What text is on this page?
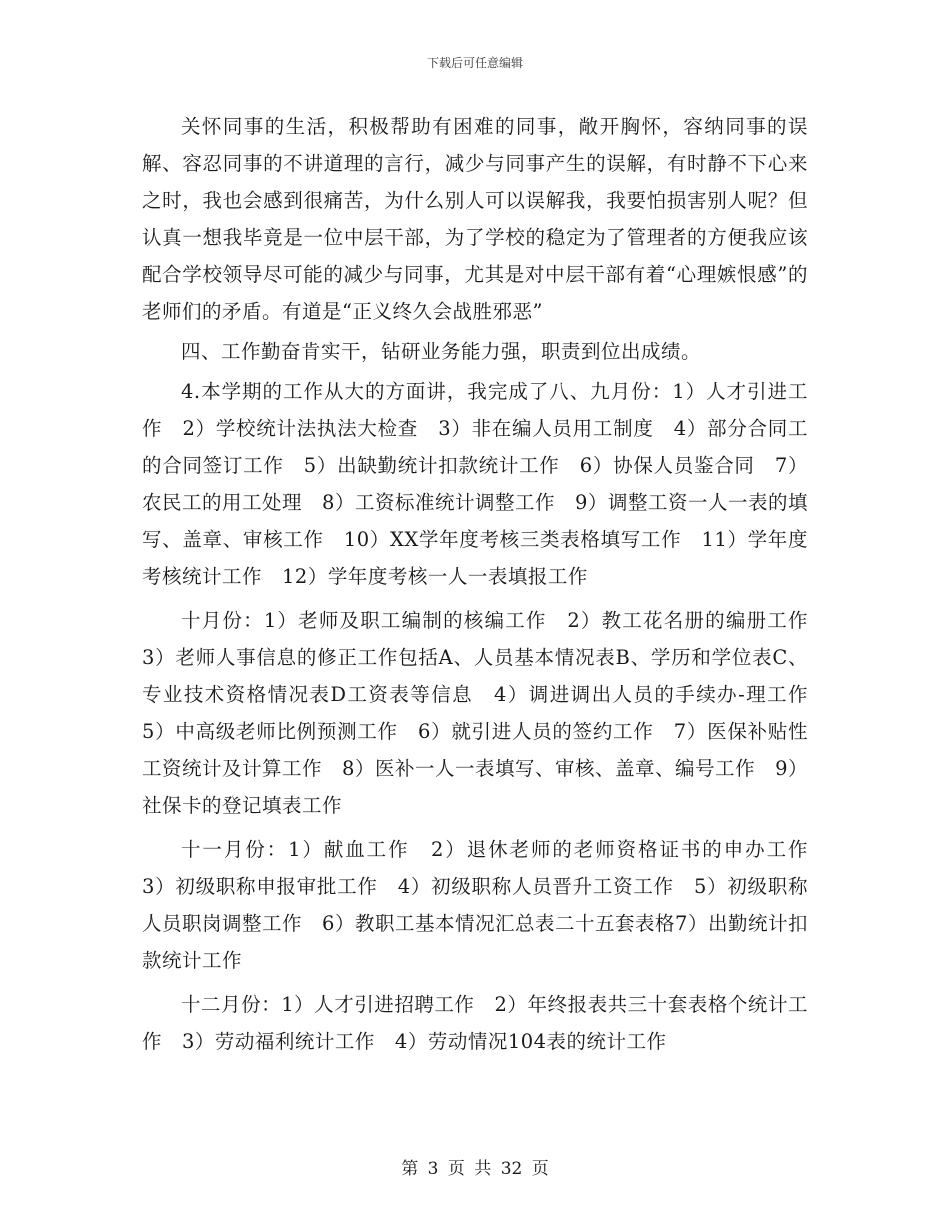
下载后可任意编辑

关怀同事的生活，积极帮助有困难的同事，敞开胸怀，容纳同事的误解、容忍同事的不讲道理的言行，减少与同事产生的误解，有时静不下心来之时，我也会感到很痛苦，为什么别人可以误解我，我要怕损害别人呢？但认真一想我毕竟是一位中层干部，为了学校的稳定为了管理者的方便我应该配合学校领导尽可能的减少与同事，尤其是对中层干部有着“心理嫉恨感”的老师们的矛盾。有道是“正义终久会战胜邪恶”

四、工作勤奋肯实干，钻研业务能力强，职责到位出成绩。

4.本学期的工作从大的方面讲，我完成了八、九月份：1）人才引进工作　2）学校统计法执法大检查　3）非在编人员用工制度　4）部分合同工的合同签订工作　5）出缺勤统计扣款统计工作　6）协保人员鉴合同　7）农民工的用工处理　8）工资标准统计调整工作　9）调整工资一人一表的填写、盖章、审核工作　10）XX学年度考核三类表格填写工作　11）学年度考核统计工作　12）学年度考核一人一表填报工作

十月份：1）老师及职工编制的核编工作　2）教工花名册的编册工作　3）老师人事信息的修正工作包括A、人员基本情况表B、学历和学位表C、专业技术资格情况表D工资表等信息　4）调进调出人员的手续办-理工作　5）中高级老师比例预测工作　6）就引进人员的签约工作　7）医保补贴性工资统计及计算工作　8）医补一人一表填写、审核、盖章、编号工作　9）社保卡的登记填表工作

十一月份：1）献血工作　2）退休老师的老师资格证书的申办工作　3）初级职称申报审批工作　4）初级职称人员晋升工资工作　5）初级职称人员职岗调整工作　6）教职工基本情况汇总表二十五套表格7）出勤统计扣款统计工作

十二月份：1）人才引进招聘工作　2）年终报表共三十套表格个统计工作　3）劳动福利统计工作　4）劳动情况104表的统计工作

第 3 页 共 32 页
